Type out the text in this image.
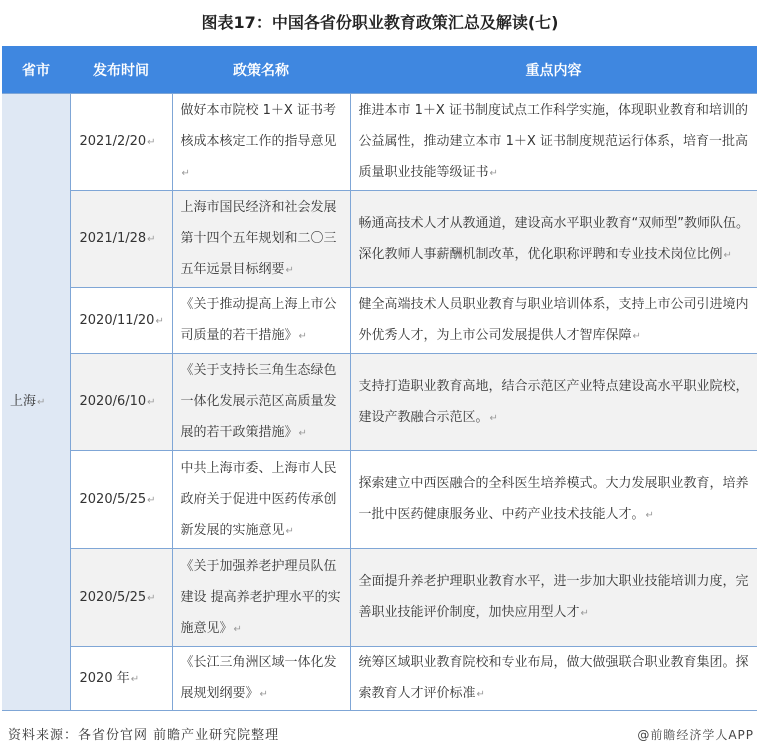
图表17：中国各省份职业教育政策汇总及解读(七)
省市	发布时间	政策名称	重点内容
上海↵	2021/2/20↵	做好本市院校 1＋X 证书考核成本核定工作的指导意见↵	推进本市 1＋X 证书制度试点工作科学实施，体现职业教育和培训的公益属性，推动建立本市 1＋X 证书制度规范运行体系，培育一批高质量职业技能等级证书↵
	2021/1/28↵	上海市国民经济和社会发展第十四个五年规划和二〇三五年远景目标纲要↵	畅通高技术人才从教通道，建设高水平职业教育“双师型”教师队伍。深化教师人事薪酬机制改革，优化职称评聘和专业技术岗位比例↵
	2020/11/20↵	《关于推动提高上海上市公司质量的若干措施》↵	健全高端技术人员职业教育与职业培训体系，支持上市公司引进境内外优秀人才，为上市公司发展提供人才智库保障↵
	2020/6/10↵	《关于支持长三角生态绿色一体化发展示范区高质量发展的若干政策措施》↵	支持打造职业教育高地，结合示范区产业特点建设高水平职业院校，建设产教融合示范区。↵
	2020/5/25↵	中共上海市委、上海市人民政府关于促进中医药传承创新发展的实施意见↵	探索建立中西医融合的全科医生培养模式。大力发展职业教育，培养一批中医药健康服务业、中药产业技术技能人才。↵
	2020/5/25↵	《关于加强养老护理员队伍建设 提高养老护理水平的实施意见》↵	全面提升养老护理职业教育水平，进一步加大职业技能培训力度，完善职业技能评价制度，加快应用型人才↵
	2020 年↵	《长江三角洲区域一体化发展规划纲要》↵	统筹区域职业教育院校和专业布局，做大做强联合职业教育集团。探索教育人才评价标准↵
资料来源：各省份官网 前瞻产业研究院整理	@前瞻经济学人APP
